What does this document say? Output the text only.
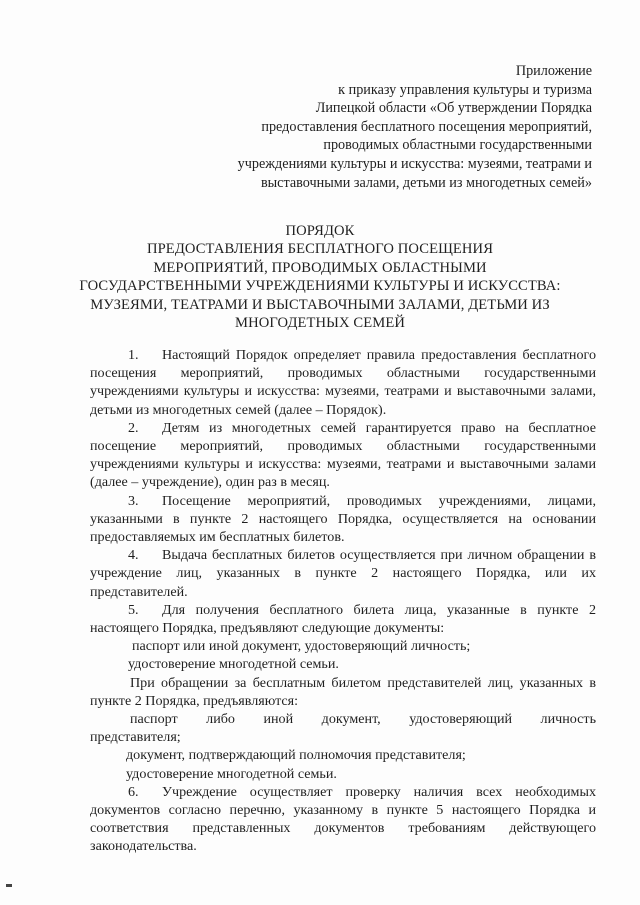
Приложение
к приказу управления культуры и туризма
Липецкой области «Об утверждении Порядка
предоставления бесплатного посещения мероприятий,
проводимых областными государственными
учреждениями культуры и искусства: музеями, театрами и
выставочными залами, детьми из многодетных семей»
ПОРЯДОК
ПРЕДОСТАВЛЕНИЯ БЕСПЛАТНОГО ПОСЕЩЕНИЯ
МЕРОПРИЯТИЙ, ПРОВОДИМЫХ ОБЛАСТНЫМИ
ГОСУДАРСТВЕННЫМИ УЧРЕЖДЕНИЯМИ КУЛЬТУРЫ И ИСКУССТВА:
МУЗЕЯМИ, ТЕАТРАМИ И ВЫСТАВОЧНЫМИ ЗАЛАМИ, ДЕТЬМИ ИЗ
МНОГОДЕТНЫХ СЕМЕЙ

1. Настоящий Порядок определяет правила предоставления бесплатного посещения мероприятий, проводимых областными государственными учреждениями культуры и искусства: музеями, театрами и выставочными залами, детьми из многодетных семей (далее – Порядок).

2. Детям из многодетных семей гарантируется право на бесплатное посещение мероприятий, проводимых областными государственными учреждениями культуры и искусства: музеями, театрами и выставочными залами (далее – учреждение), один раз в месяц.

3. Посещение мероприятий, проводимых учреждениями, лицами, указанными в пункте 2 настоящего Порядка, осуществляется на основании предоставляемых им бесплатных билетов.

4. Выдача бесплатных билетов осуществляется при личном обращении в учреждение лиц, указанных в пункте 2 настоящего Порядка, или их представителей.

5. Для получения бесплатного билета лица, указанные в пункте 2 настоящего Порядка, предъявляют следующие документы:

паспорт или иной документ, удостоверяющий личность;

удостоверение многодетной семьи.

При обращении за бесплатным билетом представителей лиц, указанных в пункте 2 Порядка, предъявляются:

паспорт либо иной документ, удостоверяющий личность

представителя;

документ, подтверждающий полномочия представителя;

удостоверение многодетной семьи.

6. Учреждение осуществляет проверку наличия всех необходимых документов согласно перечню, указанному в пункте 5 настоящего Порядка и соответствия представленных документов требованиям действующего законодательства.
